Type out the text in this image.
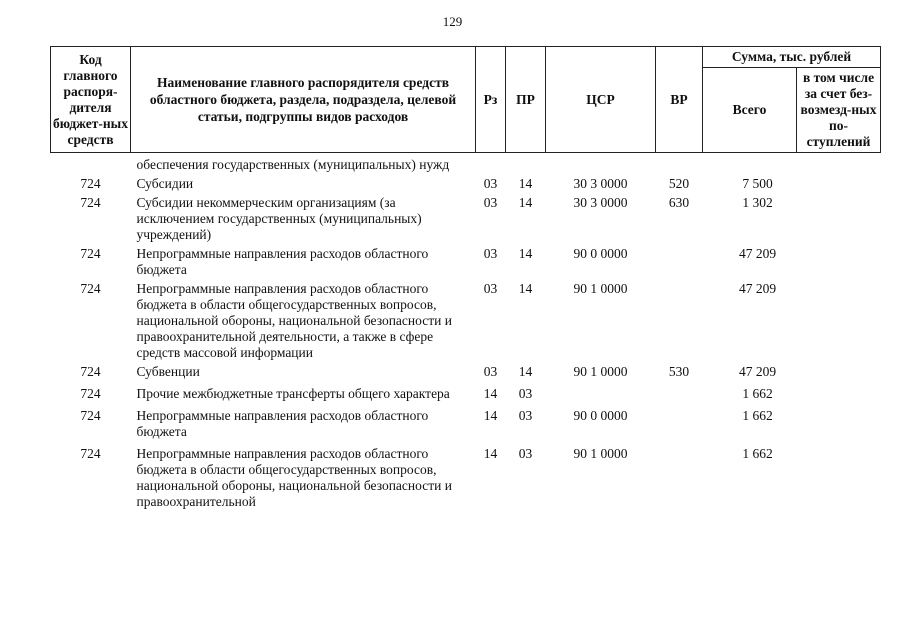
129
Код главного распоря-дителя бюджет-ных средств	Наименование главного распорядителя средств областного бюджета, раздела, подраздела, целевой статьи, подгруппы видов расходов	Рз	ПР	ЦСР	ВР	Сумма, тыс. рублей	
						Всего	в том числе за счет без-возмезд-ных по-ступлений
	обеспечения государственных (муниципальных) нужд						
724	Субсидии	03	14	30 3 0000	520	7 500	
724	Субсидии некоммерческим организациям (за исключением государственных (муниципальных) учреждений)	03	14	30 3 0000	630	1 302	
724	Непрограммные направления расходов областного бюджета	03	14	90 0 0000		47 209	
724	Непрограммные направления расходов областного бюджета в области общегосударственных вопросов, национальной обороны, национальной безопасности и правоохранительной деятельности, а также в сфере средств массовой информации	03	14	90 1 0000		47 209	
724	Субвенции	03	14	90 1 0000	530	47 209	
724	Прочие межбюджетные трансферты общего характера	14	03			1 662	
724	Непрограммные направления расходов областного бюджета	14	03	90 0 0000		1 662	
724	Непрограммные направления расходов областного бюджета в области общегосударственных вопросов, национальной обороны, национальной безопасности и правоохранительной	14	03	90 1 0000		1 662	
